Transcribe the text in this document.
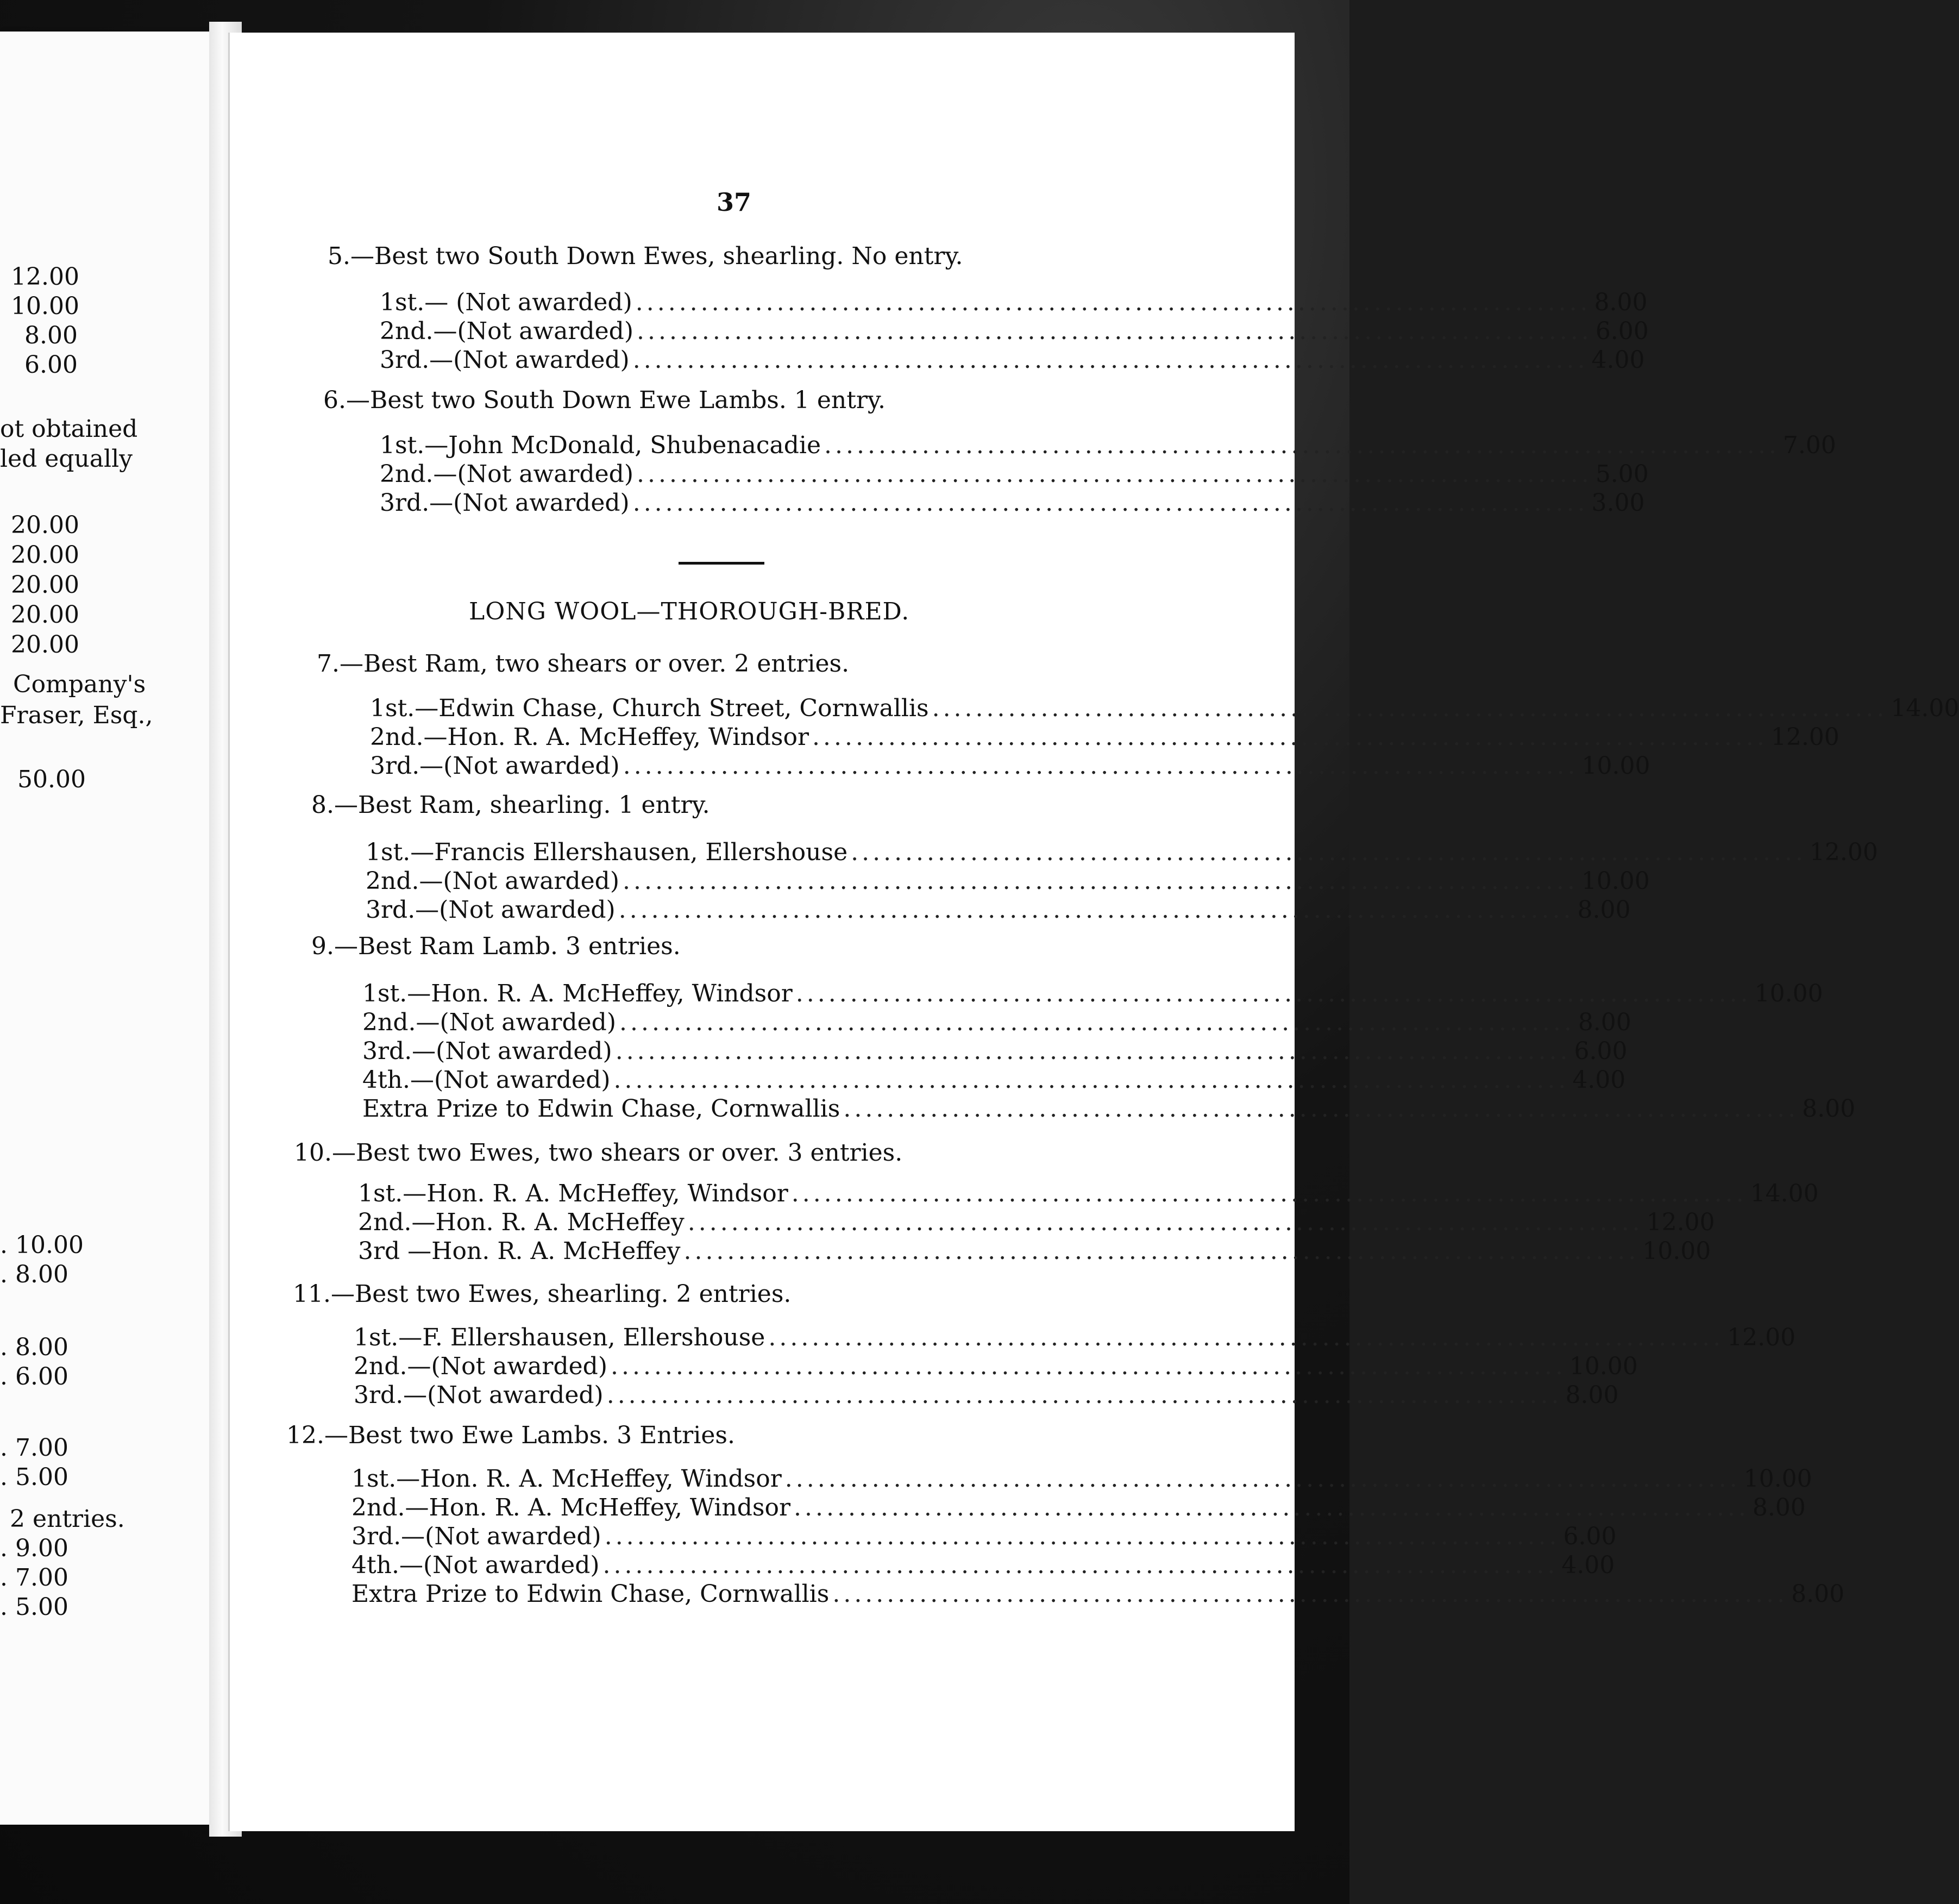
12.00
10.00
8.00
6.00
ot obtained
led equally
20.00
20.00
20.00
20.00
20.00
Company's
Fraser, Esq.,
50.00
. 10.00
. 8.00
. 8.00
. 6.00
. 7.00
. 5.00
2 entries.
. 9.00
. 7.00
. 5.00
37
5.—Best two South Down Ewes, shearling. No entry.
1st.— (Not awarded) ........................................................................................ 8.00
2nd.—(Not awarded) ........................................................................................ 6.00
3rd.—(Not awarded) ........................................................................................ 4.00
6.—Best two South Down Ewe Lambs. 1 entry.
1st.—John McDonald, Shubenacadie ........................................................................................ 7.00
2nd.—(Not awarded) ........................................................................................ 5.00
3rd.—(Not awarded) ........................................................................................ 3.00
LONG WOOL—THOROUGH-BRED.
7.—Best Ram, two shears or over. 2 entries.
1st.—Edwin Chase, Church Street, Cornwallis ........................................................................................ 14.00
2nd.—Hon. R. A. McHeffey, Windsor ........................................................................................ 12.00
3rd.—(Not awarded) ........................................................................................ 10.00
8.—Best Ram, shearling. 1 entry.
1st.—Francis Ellershausen, Ellershouse ........................................................................................ 12.00
2nd.—(Not awarded) ........................................................................................ 10.00
3rd.—(Not awarded) ........................................................................................ 8.00
9.—Best Ram Lamb. 3 entries.
1st.—Hon. R. A. McHeffey, Windsor ........................................................................................ 10.00
2nd.—(Not awarded) ........................................................................................ 8.00
3rd.—(Not awarded) ........................................................................................ 6.00
4th.—(Not awarded) ........................................................................................ 4.00
Extra Prize to Edwin Chase, Cornwallis ........................................................................................ 8.00
10.—Best two Ewes, two shears or over. 3 entries.
1st.—Hon. R. A. McHeffey, Windsor ........................................................................................ 14.00
2nd.—Hon. R. A. McHeffey ........................................................................................ 12.00
3rd —Hon. R. A. McHeffey ........................................................................................ 10.00
11.—Best two Ewes, shearling. 2 entries.
1st.—F. Ellershausen, Ellershouse ........................................................................................ 12.00
2nd.—(Not awarded) ........................................................................................ 10.00
3rd.—(Not awarded) ........................................................................................ 8.00
12.—Best two Ewe Lambs. 3 Entries.
1st.—Hon. R. A. McHeffey, Windsor ........................................................................................ 10.00
2nd.—Hon. R. A. McHeffey, Windsor ........................................................................................ 8.00
3rd.—(Not awarded) ........................................................................................ 6.00
4th.—(Not awarded) ........................................................................................ 4.00
Extra Prize to Edwin Chase, Cornwallis ........................................................................................ 8.00
